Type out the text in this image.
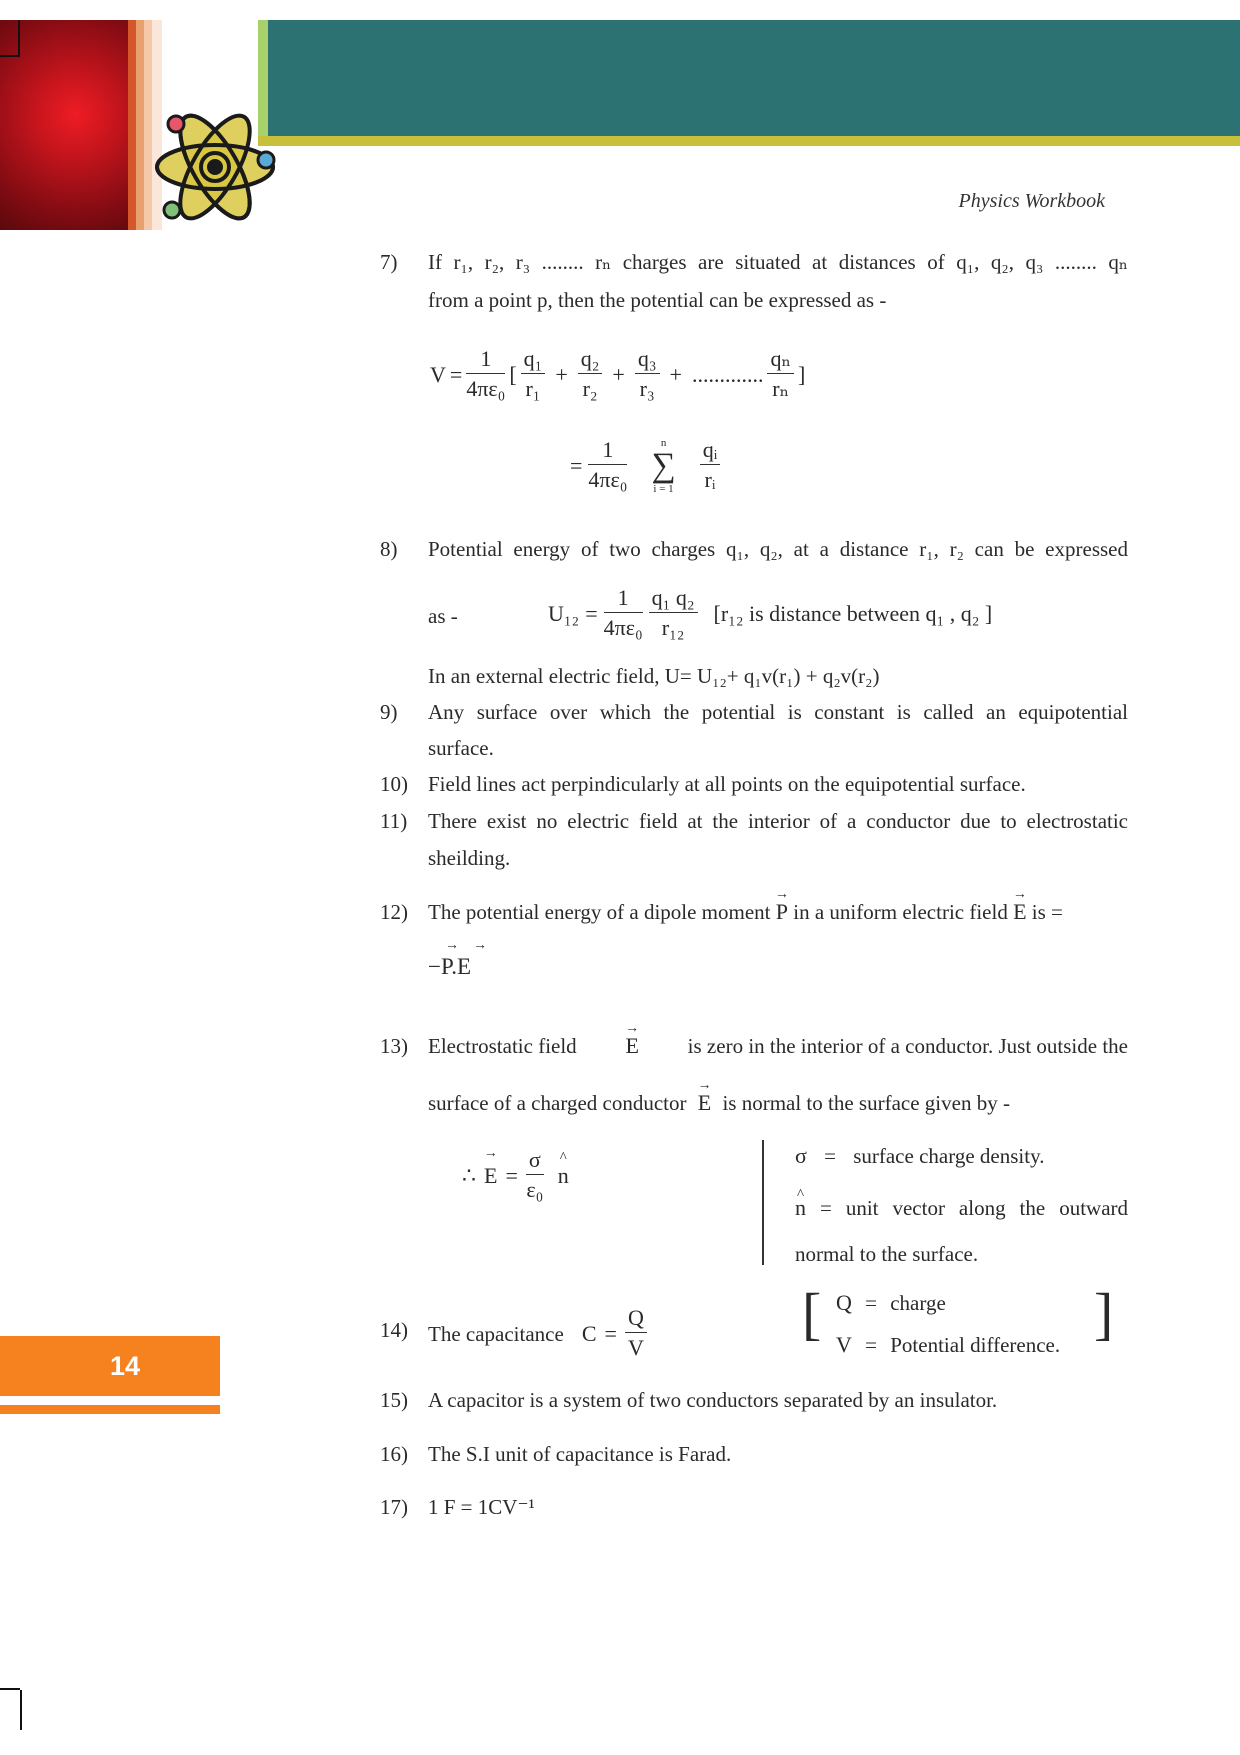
Physics Workbook
14
7) If r₁, r₂, r₃ ........ rₙ charges are situated at distances of q₁, q₂, q₃ ........ qₙ
from a point p, then the potential can be expressed as -
$V = \frac{1}{\text{4πε₀}}$ [ $\frac{\text{q₁}}{\text{r₁}} + \frac{\text{q₂}}{\text{r₂}} + \frac{\text{q₃}}{\text{r₃}}$ + ............. $\frac{\text{qₙ}}{\text{rₙ}}$ ]
= $\frac{1}{\text{4πε₀}}$	n
∑
$i = 1 \frac{\text{qᵢ}}{\text{rᵢ}}$
8) Potential energy of two charges q₁, q₂, at a distance r₁, r₂ can be expressed
as -	$U_{12} = \frac{1}{\text{4πε₀}} \frac{\text{q₁ q₂}}{\text{r₁₂}} [r_{12}$ is distance between q₁ , q₂ ]
In an external electric field, U= U₁₂+ q₁v(r₁) + q₂v(r₂)
9) Any surface over which the potential is constant is called an equipotential
surface.
10) Field lines act perpindicularly at all points on the equipotential surface.
11) There exist no electric field at the interior of a conductor due to electrostatic
sheilding.
12) The potential energy of a dipole moment → P in a uniform electric field → E is =
−P.E
→ →
13) Electrostatic field → E is zero in the interior of a conductor. Just outside the
surface of a charged conductor → E is normal to the surface given by -
∴ → $E = \frac{\sigma}{\text{ε₀}}$ ^ n
σ = surface charge density.
^ n = unit vector along the outward
normal to the surface.
14) The capacitance $C = \frac{Q}{V}$	[	]
Q = charge
V = Potential difference.
15) A capacitor is a system of two conductors separated by an insulator.
16) The S.I unit of capacitance is Farad.
17) 1 F = 1CV⁻¹
